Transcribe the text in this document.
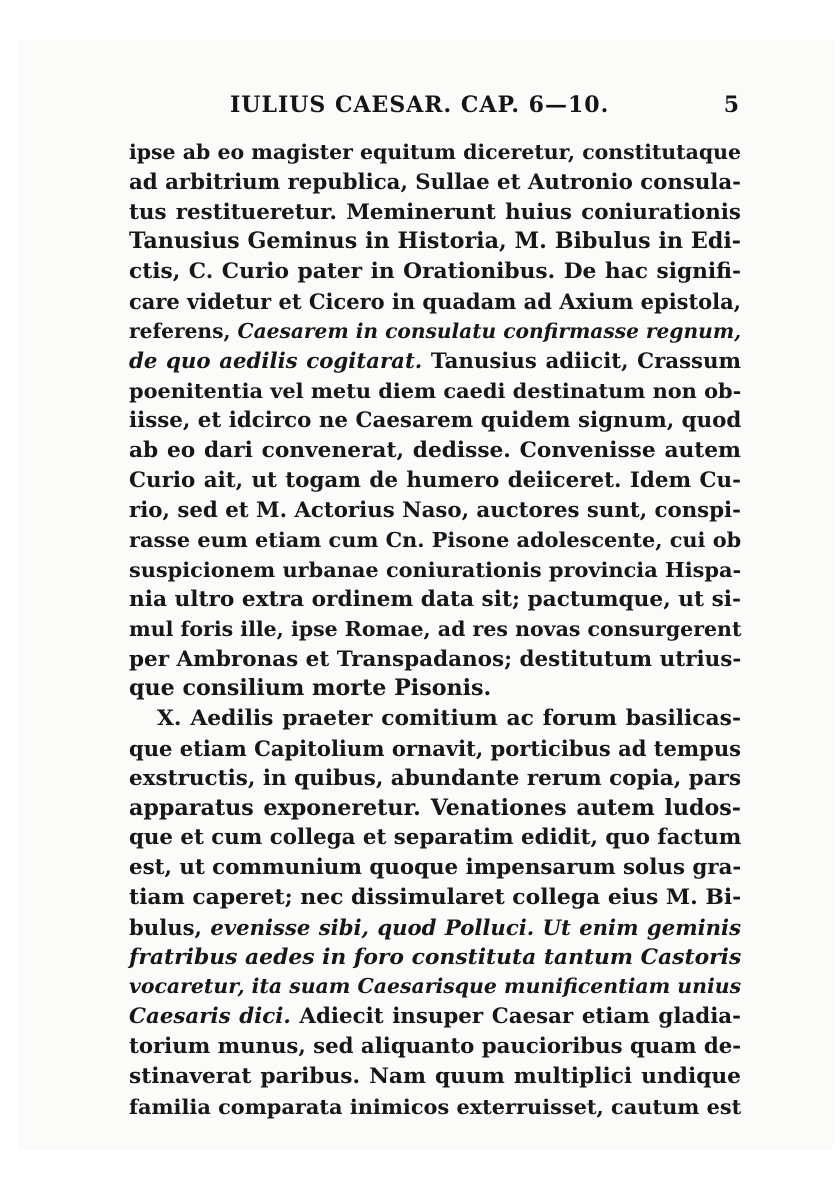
IULIUS CAESAR. CAP. 6—10.	5
ipse ab eo magister equitum diceretur, constitutaque
ad arbitrium republica, Sullae et Autronio consula-
tus restitueretur. Meminerunt huius coniurationis
Tanusius Geminus in Historia, M. Bibulus in Edi-
ctis, C. Curio pater in Orationibus. De hac signifi-
care videtur et Cicero in quadam ad Axium epistola,
referens, Caesarem in consulatu confirmasse regnum,
de quo aedilis cogitarat. Tanusius adiicit, Crassum
poenitentia vel metu diem caedi destinatum non ob-
iisse, et idcirco ne Caesarem quidem signum, quod
ab eo dari convenerat, dedisse. Convenisse autem
Curio ait, ut togam de humero deiiceret. Idem Cu-
rio, sed et M. Actorius Naso, auctores sunt, conspi-
rasse eum etiam cum Cn. Pisone adolescente, cui ob
suspicionem urbanae coniurationis provincia Hispa-
nia ultro extra ordinem data sit; pactumque, ut si-
mul foris ille, ipse Romae, ad res novas consurgerent
per Ambronas et Transpadanos; destitutum utrius-
que consilium morte Pisonis.
X. Aedilis praeter comitium ac forum basilicas-
que etiam Capitolium ornavit, porticibus ad tempus
exstructis, in quibus, abundante rerum copia, pars
apparatus exponeretur. Venationes autem ludos-
que et cum collega et separatim edidit, quo factum
est, ut communium quoque impensarum solus gra-
tiam caperet; nec dissimularet collega eius M. Bi-
bulus, evenisse sibi, quod Polluci. Ut enim geminis
fratribus aedes in foro constituta tantum Castoris
vocaretur, ita suam Caesarisque munificentiam unius
Caesaris dici. Adiecit insuper Caesar etiam gladia-
torium munus, sed aliquanto paucioribus quam de-
stinaverat paribus. Nam quum multiplici undique
familia comparata inimicos exterruisset, cautum est
